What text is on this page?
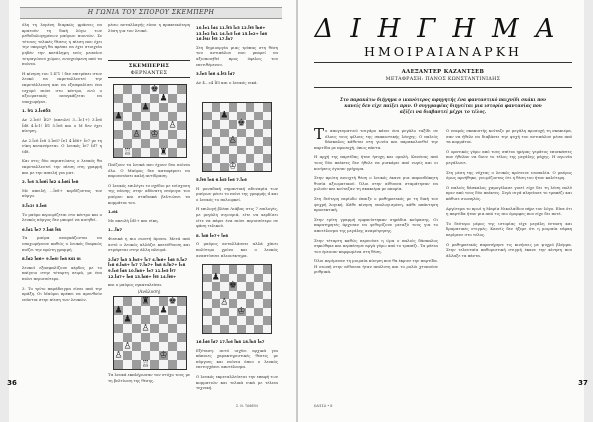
Η ΓΩΝΙΑ ΤΟΥ ΣΠΟΡΟΥ ΣΚΕΜΠΕΡΗ

όλη τη λυμένη διαρκώς φράσεις να κρατούν τη δική λόγω των μεθοδολογημένων μαύρων πιονιών. Σε τέτοιες τελικές θέσεις η πίεση που έχει την υπεροχή θα πρέπει να έχει στοιχεία μηδέν την κατάληψη ενός μεσαίου τετραγώνου χώρου, ενισχυόμενη από τα πιόνια.

Η κίνηση του 1.ΙΓ1 ! δεν επιτρέπει στον λευκό να εκμεταλλευτεί την εκμετάλλευση και να εξασφαλίσει ένα ισχυρό πιόνι στο κέντρο, ενώ ο αξιωματικός αναγκάζεται να υποχωρήσει.

1. Ιf1 2.Ϊc6δ3

Αν 2.Ϊc6! Ϊf2? (απειλεί 3...Ϊc1+) 3.Ϊe6 Ϊd8 4.Ϊc1! Ϊf1 5.Ϊe8 και ο Μ δεν έχει κίνηση.

Αν 2.Ϊc6 Ϊe8 3.Ϊe6? Ϊe1 4.Ϊd6+ Ϊe7 με τη νίκη κατανέμεται. Ο λευκός Ϊe7 Ϊd7 η ϊd8.

Και στις δύο περιπτώσεις ο λευκός θα εκμεταλλευτεί την πίεση στη γραμμή και με την απειλή για ματ.

2. Ϊc6 3.Ϊd6ϊ Ϊd2 4.Ϊd6ϊ Ϊe8

Με απειλή ...Ϊe8+ κερδίζοντας τον πύργο.

5.Ϊc2! 5.Ϊe8

Το μαύρο περιορίζεται στο κέντρο και ο λευκός πύργος δεν μπορεί να κινηθεί.

6.Ϊd1 Ϊe7 7.Ϊd8 Ϊf8

Τα μαύρα αναγκάζονται να υποχωρήσουν καθώς ο λευκός διαρκώς πιέζει την πρώτη γραμμή.

8.Ϊd2 Ϊd6+ 9.Ϊe6! Ϊe8 και οι

λευκοί εξασφαλίζουν κέρδος με το παίγνιο στην τέταρτη σειρά, με ένα πιόνι περισσότερο.

3. Το τρίτο παράδειγμα είναι από την πράξη. Οι Μαύροι πρέπει να αμυνθούν ενάντια στην πίεση των λευκών.

μέσω ανταλλαγής είναι η πρακτικότερη λύση για τον λευκό.

ΣΚΕΜΠΕΡΗΣ
ΦΕΡΝΑΝΤΕΣ
♚
♟
♟
♟
♙
♙ ♔
♖	♜

Παίζουν τα λευκά που έχουν δυο πιόνια όλο. Ο Μαύρος δεν καταφέρνει να παρουσιάσει καλή αντίδραση.

Ο λευκός επιλέγει το σχέδιο με ενίσχυση της πίεσης στην αδύνατη πτέρυγα του μαύρου και σταδιακά βελτιώνει τα κομμάτια του.

1.d4

Με απειλή Ϊd5+ και νίκη.

1...Ϊb7

Φυσικά η πιο σωστή άμυνα. Μετά από αυτό ο λευκός αλλάζει κατεύθυνση και στρέφεται στην άλλη πλευρά.

2.Ϊd7 Ϊa5 3.Ϊb5+ Ϊc7 4.Ϊb6+ Ϊd8 5.Ϊa7 Ϊc8 6.Ϊa8+ Ϊc7 7.Ϊa7+ Ϊb8 8.Ϊb7+ Ϊc8 9.Ϊc6 Ϊd8 10.Ϊb8+ Ϊe7 11.Ϊe5 Ϊf7 12.Ϊd7+ Ϊe6 13.Ϊd6+ Ϊf5 14.Ϊf6+

και ο μαύρος εγκαταλείπει.

♜ ♚
♟	♟
♟
♙
♙
♙	♔
♖
(Ανάλυση)

Τα λευκά εκπλήρωσαν τον στόχο τους με τη βελτίωση της θέσης.

10.Ϊe1 Ϊd4 11.Ϊf3 Ϊc5 12.Ϊf5 Ϊb6+ 13.Ϊe2 Ϊb1 14.Ϊc5 Ϊc6 15.Ϊe2+ Ϊd6 16.Ϊf4! Ϊf5 17.Ϊb7

Στη δημιουργία μιας τρύπας στη θέση του αντιπάλου που μπορεί να αξιοποιηθεί προς όφελος του επιτιθέμενου.

3.Ϊe5 Ϊd6 4.Ϊf3 Ϊd7

Αν 4...c4 Ϊf3 και ο λευκός νικά.

♟
♚
♙
♔

5.Ϊf6 Ϊe8 6.Ϊd5 Ϊe6 7.Ϊc6

Η μοναδική σημαντική αδυναμία των μαύρων μένει το πιόνι της γραμμής d και ο λευκός το πολιορκεί.

Η επιλογή βλέπε Λιάβας στις 7 επιλογές, με μεγάλη σιγουριά, είτε να κερδίσει είτε να πάρει ένα πιόνι περισσότερο σε φάση τελικού.

8. Ϊd8 Ϊe7+ Ϊe8

Ο μαύρος ανταλλάσσει αλλά χάνει πολύτιμο χρόνο και ο λευκός αναπτύσσει πλεονέκτημα.

♟
♚
♙
♔

16.Ϊd6 Ϊd7 17.Ϊc6 Ϊb8 18.Ϊb5 Ϊa7

Εξέταση: αυτό ισχύει αρχικά για κάποιες χαρακτηριστικές θέσεις με πύργους και πιόνια όπου ο λευκός επιτυγχάνει αποτέλεσμα.

Ο λευκός εκμεταλλεύεται την επαφή των κομματιών και τελικά νικά με τέλεια τεχνική.

Σ. Ν. ΤΑΦΕΙΝ
36
ΔΙΗΓΗΜΑ
ΗΜΟΙΡΑΙΑΝΑΡΚΗ
ΑΛΕΞΑΝΤΕΡ ΚΑΖΑΝΤΣΕΒ
ΜΕΤΑΦΡΑΣΗ: ΠΑΝΟΣ ΚΩΝΣΤΑΝΤΙΝΙΔΗΣ
Στο παρακάτω διήγημα ο ικανότερος αφηγητής ένα φανταστικό παιχνίδι σκάκι που κανείς δεν είχε παίξει πριν. Ο συγγραφέας διηγείται μια ιστορία φαντασίας που αξίζει να διαβαστεί μέχρι το τέλος.

Το απογευματινό τσιγάρο κάνει ένα μεγάλο ταξίδι σε όλους τους φίλους της σκακιστικής λέσχης. Ο παλιός δάσκαλος κάθεται στη γωνία και παρακολουθεί την παρτίδα με προσοχή, όπως πάντα.

Η αρχή της παρτίδας ήταν ήσυχη και ομαλή. Κανένας από τους δύο παίκτες δεν ήθελε να ρισκάρει από νωρίς και οι κινήσεις έγιναν γρήγορα.

Στην πρώτη ανοιχτή θέση ο λευκός έκανε μια απροσδόκητη θυσία αξιωματικού. Όλοι στην αίθουσα σταμάτησαν να μιλούν και κοίταζαν τη σκακιέρα με απορία.

Στη δεύτερη περίοδο έπαιξε ο μαθηματικός με τη δική του ψυχρή λογική. Κάθε κίνηση υπολογισμένη, κάθε απάντηση προσεκτική.

Στην τρίτη γραμμή εμφανίστηκαν σημάδια κούρασης. Οι παρατηρητές άρχισαν να ψιθυρίζουν μεταξύ τους για το αποτέλεσμα της μεγάλης αναμέτρησης.

Στην τέταρτη καθώς περνούσε η ώρα ο παλιός δάσκαλος σηκώθηκε και περπάτησε αργά γύρω από το τραπέζι. Τα μάτια του έμειναν καρφωμένα στη θέση.

Όλοι περίμεναν τη μοιραία κίνηση που θα έκρινε την παρτίδα. Η σιωπή στην αίθουσα ήταν απόλυτη και το ρολόι χτυπούσε ρυθμικά.

ΚΑΙΣΣΑ • 8

Ο νεαρός σκακιστής κοίταζε με μεγάλη προσοχή τη σκακιέρα, σαν να ήθελε να διαβάσει την ψυχή του αντιπάλου μέσα από τα κομμάτια.

Ο ορατικός γύρω από τους σπίτια ημέρας γεμάτος επισκέπτες που ήθελαν να δουν το τέλος της μεγάλης μάχης. Η αγωνία μεγάλωνε.

Στη μέση της νύχτας ο λευκός πρότεινε ισοπαλία. Ο μαύρος όμως αρνήθηκε, γνωρίζοντας ότι η θέση του ήταν καλύτερη.

Ο παλιός δάσκαλος χαμογέλασε γιατί είχε δει τη λύση πολύ πριν από τους δύο παίκτες. Σιγά σιγά πλησίασε το τραπέζι και κάθισε σιωπηλός.

Αργότερα το πρωί η Μαρία Νικολαΐδου πήρε τον λόγο. Είπε ότι η παρτίδα ήταν μια από τις πιο όμορφες που είχε δει ποτέ.

Το δεύτερο μέρος της ιστορίας είχε μεγάλη ένταση και δραματικές στιγμές. Κανείς δεν ήξερε ότι η μοιραία νάρκη περίμενε στο τέλος.

Ο μαθηματικός παρατήρησε τις κινήσεις με ψυχρό βλέμμα. Στην τελευταία καθοριστική στιγμή έκανε την κίνηση που άλλαξε τα πάντα.

37
